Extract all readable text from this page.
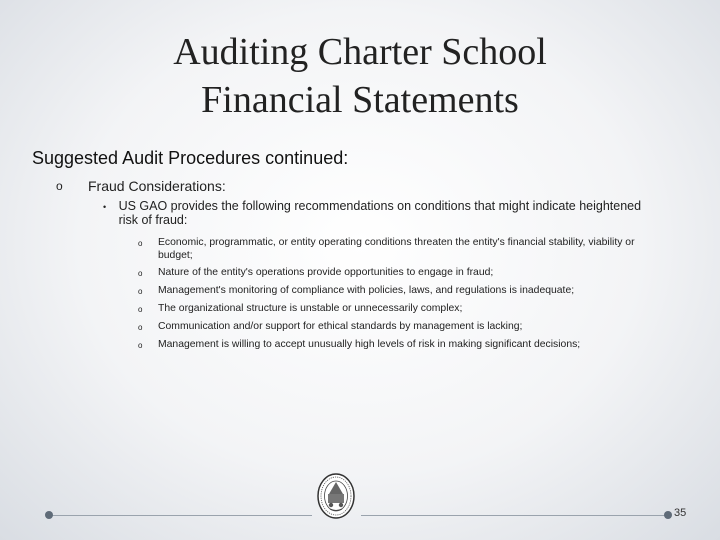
Auditing Charter School
Financial Statements

Suggested Audit Procedures continued:

o	Fraud Considerations:
• US GAO provides the following recommendations on conditions that might indicate heightened risk of fraud:
o	Economic, programmatic, or entity operating conditions threaten the entity's financial stability, viability or budget;
o	Nature of the entity's operations provide opportunities to engage in fraud;
o	Management's monitoring of compliance with policies, laws, and regulations is inadequate;
o	The organizational structure is unstable or unnecessarily complex;
o	Communication and/or support for ethical standards by management is lacking;
o	Management is willing to accept unusually high levels of risk in making significant decisions;
35
